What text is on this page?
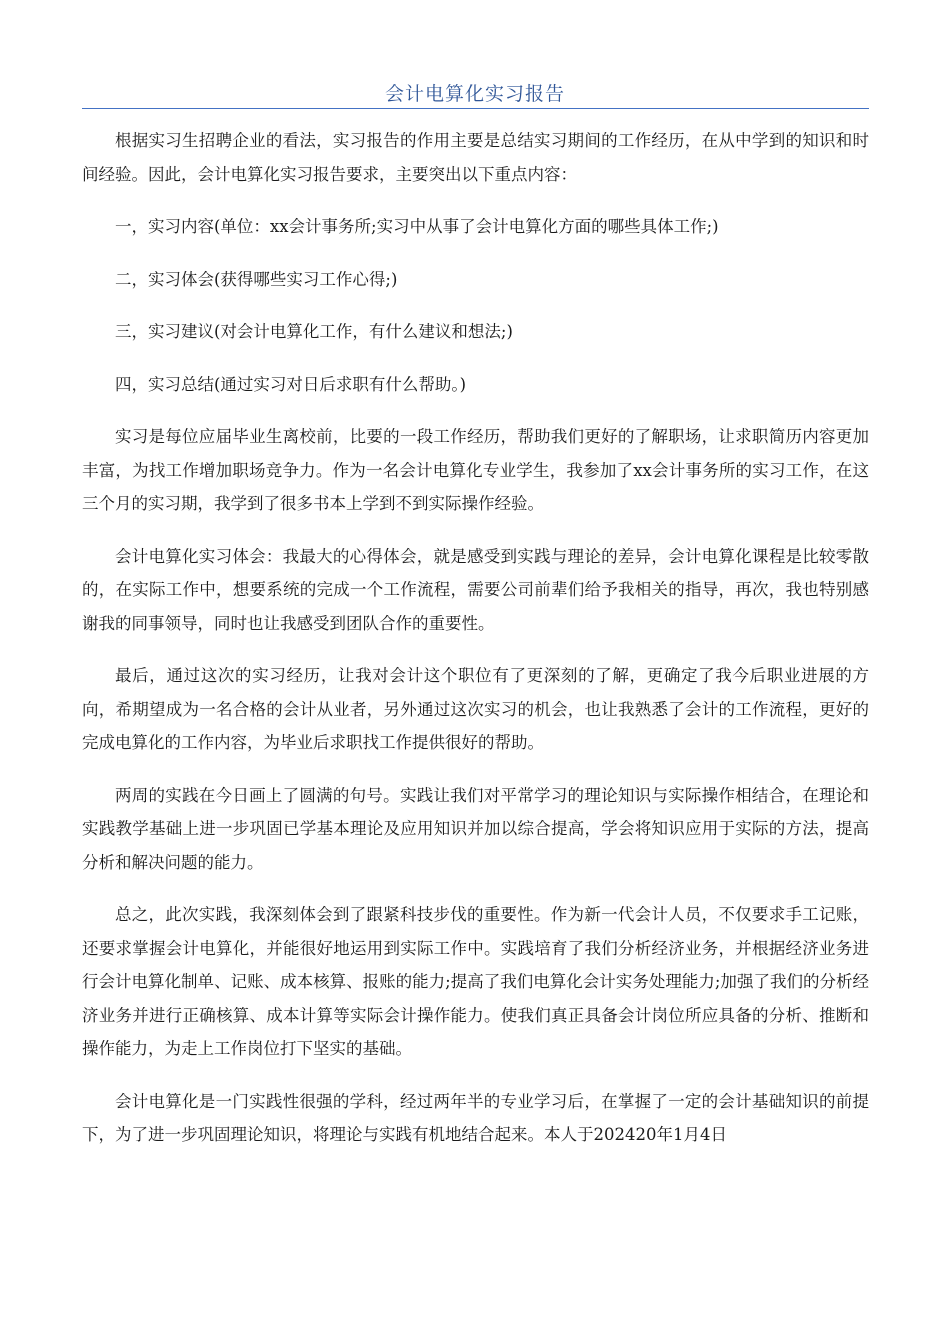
会计电算化实习报告

根据实习生招聘企业的看法，实习报告的作用主要是总结实习期间的工作经历，在从中学到的知识和时间经验。因此，会计电算化实习报告要求，主要突出以下重点内容：

一，实习内容(单位：xx会计事务所;实习中从事了会计电算化方面的哪些具体工作;)

二，实习体会(获得哪些实习工作心得;)

三，实习建议(对会计电算化工作，有什么建议和想法;)

四，实习总结(通过实习对日后求职有什么帮助。)

实习是每位应届毕业生离校前，比要的一段工作经历，帮助我们更好的了解职场，让求职简历内容更加丰富，为找工作增加职场竞争力。作为一名会计电算化专业学生，我参加了xx会计事务所的实习工作，在这三个月的实习期，我学到了很多书本上学到不到实际操作经验。

会计电算化实习体会：我最大的心得体会，就是感受到实践与理论的差异，会计电算化课程是比较零散的，在实际工作中，想要系统的完成一个工作流程，需要公司前辈们给予我相关的指导，再次，我也特别感谢我的同事领导，同时也让我感受到团队合作的重要性。

最后，通过这次的实习经历，让我对会计这个职位有了更深刻的了解，更确定了我今后职业进展的方向，希期望成为一名合格的会计从业者，另外通过这次实习的机会，也让我熟悉了会计的工作流程，更好的完成电算化的工作内容，为毕业后求职找工作提供很好的帮助。

两周的实践在今日画上了圆满的句号。实践让我们对平常学习的理论知识与实际操作相结合，在理论和实践教学基础上进一步巩固已学基本理论及应用知识并加以综合提高，学会将知识应用于实际的方法，提高分析和解决问题的能力。

总之，此次实践，我深刻体会到了跟紧科技步伐的重要性。作为新一代会计人员，不仅要求手工记账，还要求掌握会计电算化，并能很好地运用到实际工作中。实践培育了我们分析经济业务，并根据经济业务进行会计电算化制单、记账、成本核算、报账的能力;提高了我们电算化会计实务处理能力;加强了我们的分析经济业务并进行正确核算、成本计算等实际会计操作能力。使我们真正具备会计岗位所应具备的分析、推断和操作能力，为走上工作岗位打下坚实的基础。

会计电算化是一门实践性很强的学科，经过两年半的专业学习后，在掌握了一定的会计基础知识的前提下，为了进一步巩固理论知识，将理论与实践有机地结合起来。本人于202420年1月4日
